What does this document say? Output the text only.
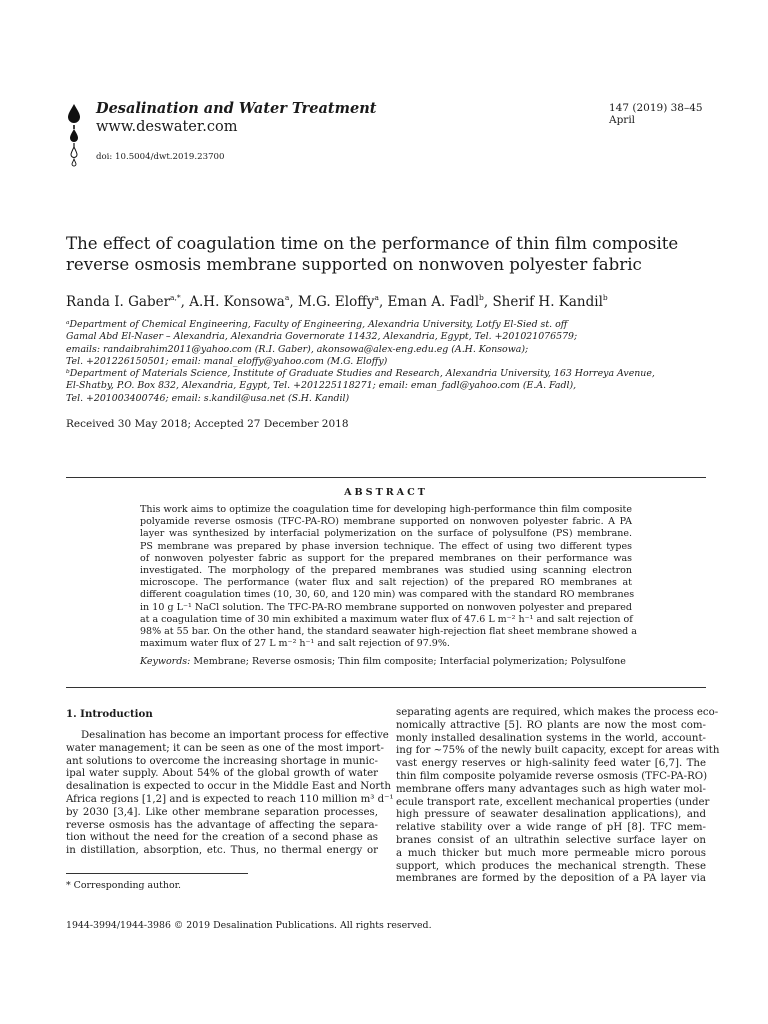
Desalination and Water Treatment
www.deswater.com
doi: 10.5004/dwt.2019.23700
147 (2019) 38–45
April
The effect of coagulation time on the performance of thin film composite
reverse osmosis membrane supported on nonwoven polyester fabric
Randa I. Gaber$^{a,*}$, A.H. Konsowa$^a$, M.G. Eloffy$^a$, Eman A. Fadl$^b$, Sherif H. Kandil$^b$
ᵃDepartment of Chemical Engineering, Faculty of Engineering, Alexandria University, Lotfy El-Sied st. off
Gamal Abd El-Naser – Alexandria, Alexandria Governorate 11432, Alexandria, Egypt, Tel. +201021076579;
emails: randaibrahim2011@yahoo.com (R.I. Gaber), akonsowa@alex-eng.edu.eg (A.H. Konsowa);
Tel. +201226150501; email: manal_eloffy@yahoo.com (M.G. Eloffy)
ᵇDepartment of Materials Science, Institute of Graduate Studies and Research, Alexandria University, 163 Horreya Avenue,
El-Shatby, P.O. Box 832, Alexandria, Egypt, Tel. +201225118271; email: eman_fadl@yahoo.com (E.A. Fadl),
Tel. +201003400746; email: s.kandil@usa.net (S.H. Kandil)
Received 30 May 2018; Accepted 27 December 2018
ABSTRACT
This work aims to optimize the coagulation time for developing high-performance thin film composite
polyamide reverse osmosis (TFC-PA-RO) membrane supported on nonwoven polyester fabric. A PA
layer was synthesized by interfacial polymerization on the surface of polysulfone (PS) membrane.
PS membrane was prepared by phase inversion technique. The effect of using two different types
of nonwoven polyester fabric as support for the prepared membranes on their performance was
investigated. The morphology of the prepared membranes was studied using scanning electron
microscope. The performance (water flux and salt rejection) of the prepared RO membranes at
different coagulation times (10, 30, 60, and 120 min) was compared with the standard RO membranes
in 10 g L⁻¹ NaCl solution. The TFC-PA-RO membrane supported on nonwoven polyester and prepared
at a coagulation time of 30 min exhibited a maximum water flux of 47.6 L m⁻² h⁻¹ and salt rejection of
98% at 55 bar. On the other hand, the standard seawater high-rejection flat sheet membrane showed a
maximum water flux of 27 L m⁻² h⁻¹ and salt rejection of 97.9%.
Keywords: Membrane; Reverse osmosis; Thin film composite; Interfacial polymerization; Polysulfone
1. Introduction
Desalination has become an important process for effective
water management; it can be seen as one of the most import-
ant solutions to overcome the increasing shortage in munic-
ipal water supply. About 54% of the global growth of water
desalination is expected to occur in the Middle East and North
Africa regions [1,2] and is expected to reach 110 million m³ d⁻¹
by 2030 [3,4]. Like other membrane separation processes,
reverse osmosis has the advantage of affecting the separa-
tion without the need for the creation of a second phase as
in distillation, absorption, etc. Thus, no thermal energy or
separating agents are required, which makes the process eco-
nomically attractive [5]. RO plants are now the most com-
monly installed desalination systems in the world, account-
ing for ~75% of the newly built capacity, except for areas with
vast energy reserves or high-salinity feed water [6,7]. The
thin film composite polyamide reverse osmosis (TFC-PA-RO)
membrane offers many advantages such as high water mol-
ecule transport rate, excellent mechanical properties (under
high pressure of seawater desalination applications), and
relative stability over a wide range of pH [8]. TFC mem-
branes consist of an ultrathin selective surface layer on
a much thicker but much more permeable micro porous
support, which produces the mechanical strength. These
membranes are formed by the deposition of a PA layer via
* Corresponding author.
1944-3994/1944-3986 © 2019 Desalination Publications. All rights reserved.
